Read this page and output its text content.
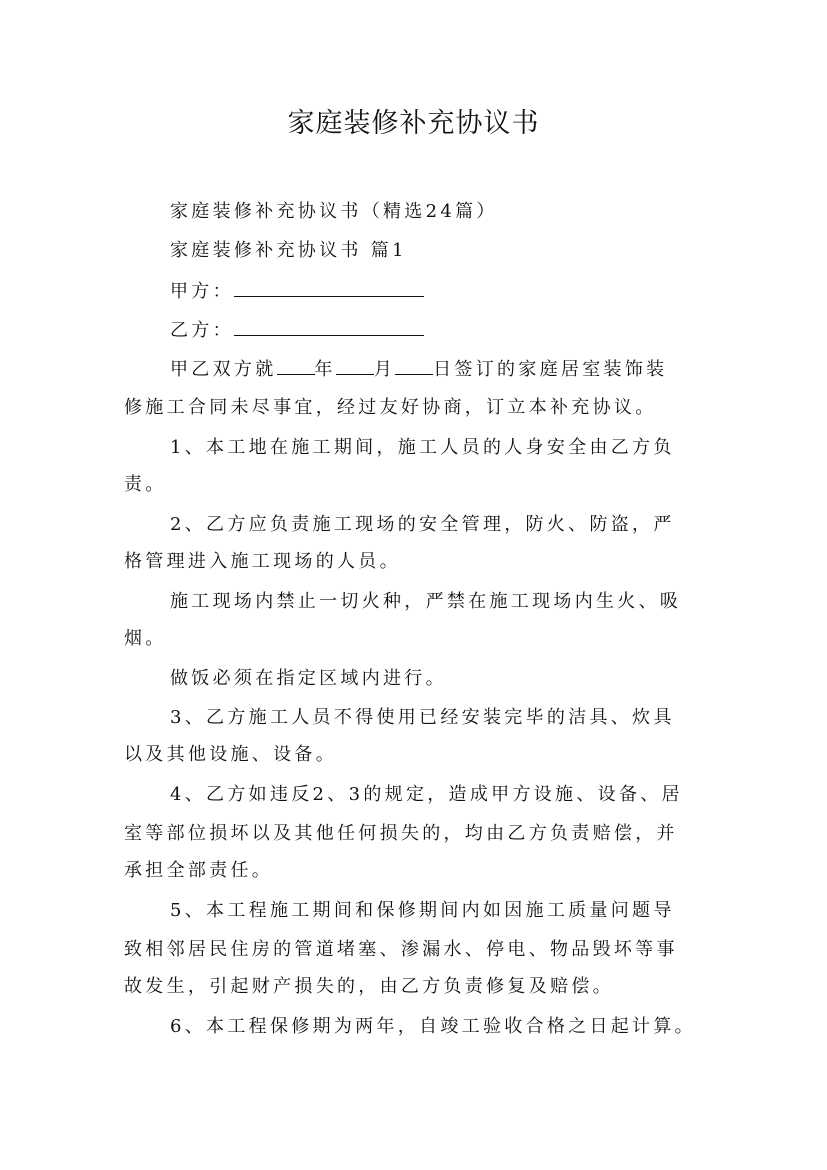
家庭装修补充协议书

家庭装修补充协议书（精选24篇）

家庭装修补充协议书 篇1

甲方：

乙方：

甲乙双方就 年 月 日签订的家庭居室装饰装

修施工合同未尽事宜，经过友好协商，订立本补充协议。

1、本工地在施工期间，施工人员的人身安全由乙方负

责。

2、乙方应负责施工现场的安全管理，防火、防盗，严

格管理进入施工现场的人员。

施工现场内禁止一切火种，严禁在施工现场内生火、吸

烟。

做饭必须在指定区域内进行。

3、乙方施工人员不得使用已经安装完毕的洁具、炊具

以及其他设施、设备。

4、乙方如违反2、3的规定，造成甲方设施、设备、居

室等部位损坏以及其他任何损失的，均由乙方负责赔偿，并

承担全部责任。

5、本工程施工期间和保修期间内如因施工质量问题导

致相邻居民住房的管道堵塞、渗漏水、停电、物品毁坏等事

故发生，引起财产损失的，由乙方负责修复及赔偿。

6、本工程保修期为两年，自竣工验收合格之日起计算。
